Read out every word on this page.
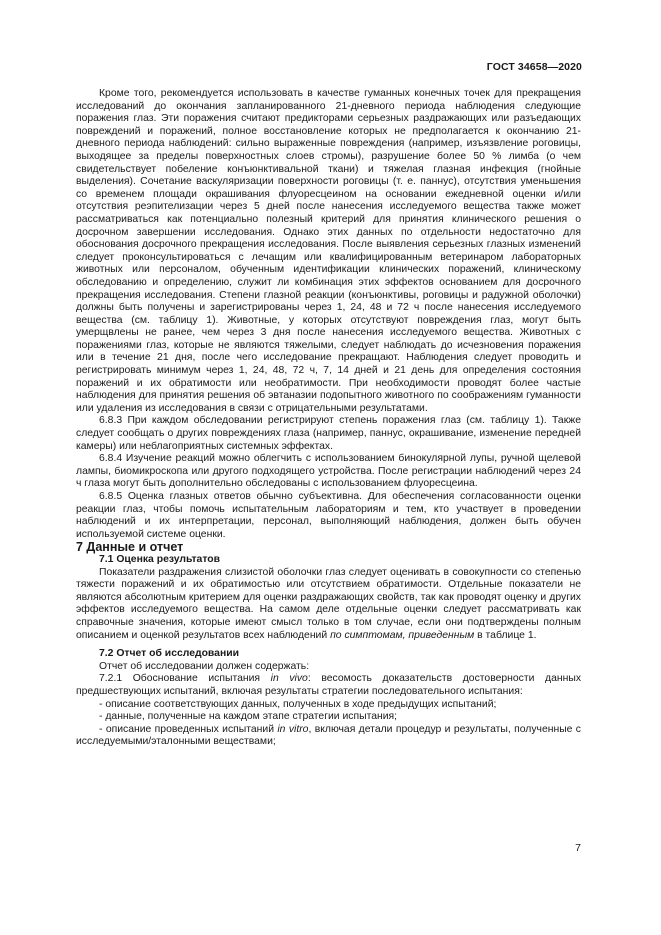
ГОСТ 34658—2020

Кроме того, рекомендуется использовать в качестве гуманных конечных точек для прекращения исследований до окончания запланированного 21-дневного периода наблюдения следующие поражения глаз. Эти поражения считают предикторами серьезных раздражающих или разъедающих повреждений и поражений, полное восстановление которых не предполагается к окончанию 21-дневного периода наблюдений: сильно выраженные повреждения (например, изъязвление роговицы, выходящее за пределы поверхностных слоев стромы), разрушение более 50 % лимба (о чем свидетельствует побеление конъюнктивальной ткани) и тяжелая глазная инфекция (гнойные выделения). Сочетание васкуляризации поверхности роговицы (т. е. паннус), отсутствия уменьшения со временем площади окрашивания флуоресцеином на основании ежедневной оценки и/или отсутствия реэпителизации через 5 дней после нанесения исследуемого вещества также может рассматриваться как потенциально полезный критерий для принятия клинического решения о досрочном завершении исследования. Однако этих данных по отдельности недостаточно для обоснования досрочного прекращения исследования. После выявления серьезных глазных изменений следует проконсультироваться с лечащим или квалифицированным ветеринаром лабораторных животных или персоналом, обученным идентификации клинических поражений, клиническому обследованию и определению, служит ли комбинация этих эффектов основанием для досрочного прекращения исследования. Степени глазной реакции (конъюнктивы, роговицы и радужной оболочки) должны быть получены и зарегистрированы через 1, 24, 48 и 72 ч после нанесения исследуемого вещества (см. таблицу 1). Животные, у которых отсутствуют повреждения глаз, могут быть умерщвлены не ранее, чем через 3 дня после нанесения исследуемого вещества. Животных с поражениями глаз, которые не являются тяжелыми, следует наблюдать до исчезновения поражения или в течение 21 дня, после чего исследование прекращают. Наблюдения следует проводить и регистрировать минимум через 1, 24, 48, 72 ч, 7, 14 дней и 21 день для определения состояния поражений и их обратимости или необратимости. При необходимости проводят более частые наблюдения для принятия решения об эвтаназии подопытного животного по соображениям гуманности или удаления из исследования в связи с отрицательными результатами.

6.8.3 При каждом обследовании регистрируют степень поражения глаз (см. таблицу 1). Также следует сообщать о других повреждениях глаза (например, паннус, окрашивание, изменение передней камеры) или неблагоприятных системных эффектах.

6.8.4 Изучение реакций можно облегчить с использованием бинокулярной лупы, ручной щелевой лампы, биомикроскопа или другого подходящего устройства. После регистрации наблюдений через 24 ч глаза могут быть дополнительно обследованы с использованием флуоресцеина.

6.8.5 Оценка глазных ответов обычно субъективна. Для обеспечения согласованности оценки реакции глаз, чтобы помочь испытательным лабораториям и тем, кто участвует в проведении наблюдений и их интерпретации, персонал, выполняющий наблюдения, должен быть обучен используемой системе оценки.

7 Данные и отчет

7.1 Оценка результатов

Показатели раздражения слизистой оболочки глаз следует оценивать в совокупности со степенью тяжести поражений и их обратимостью или отсутствием обратимости. Отдельные показатели не являются абсолютным критерием для оценки раздражающих свойств, так как проводят оценку и других эффектов исследуемого вещества. На самом деле отдельные оценки следует рассматривать как справочные значения, которые имеют смысл только в том случае, если они подтверждены полным описанием и оценкой результатов всех наблюдений по симптомам, приведенным в таблице 1.

7.2 Отчет об исследовании

Отчет об исследовании должен содержать:

7.2.1 Обоснование испытания in vivo: весомость доказательств достоверности данных предшествующих испытаний, включая результаты стратегии последовательного испытания:

- описание соответствующих данных, полученных в ходе предыдущих испытаний;

- данные, полученные на каждом этапе стратегии испытания;

- описание проведенных испытаний in vitro, включая детали процедур и результаты, полученные с исследуемыми/эталонными веществами;

7
